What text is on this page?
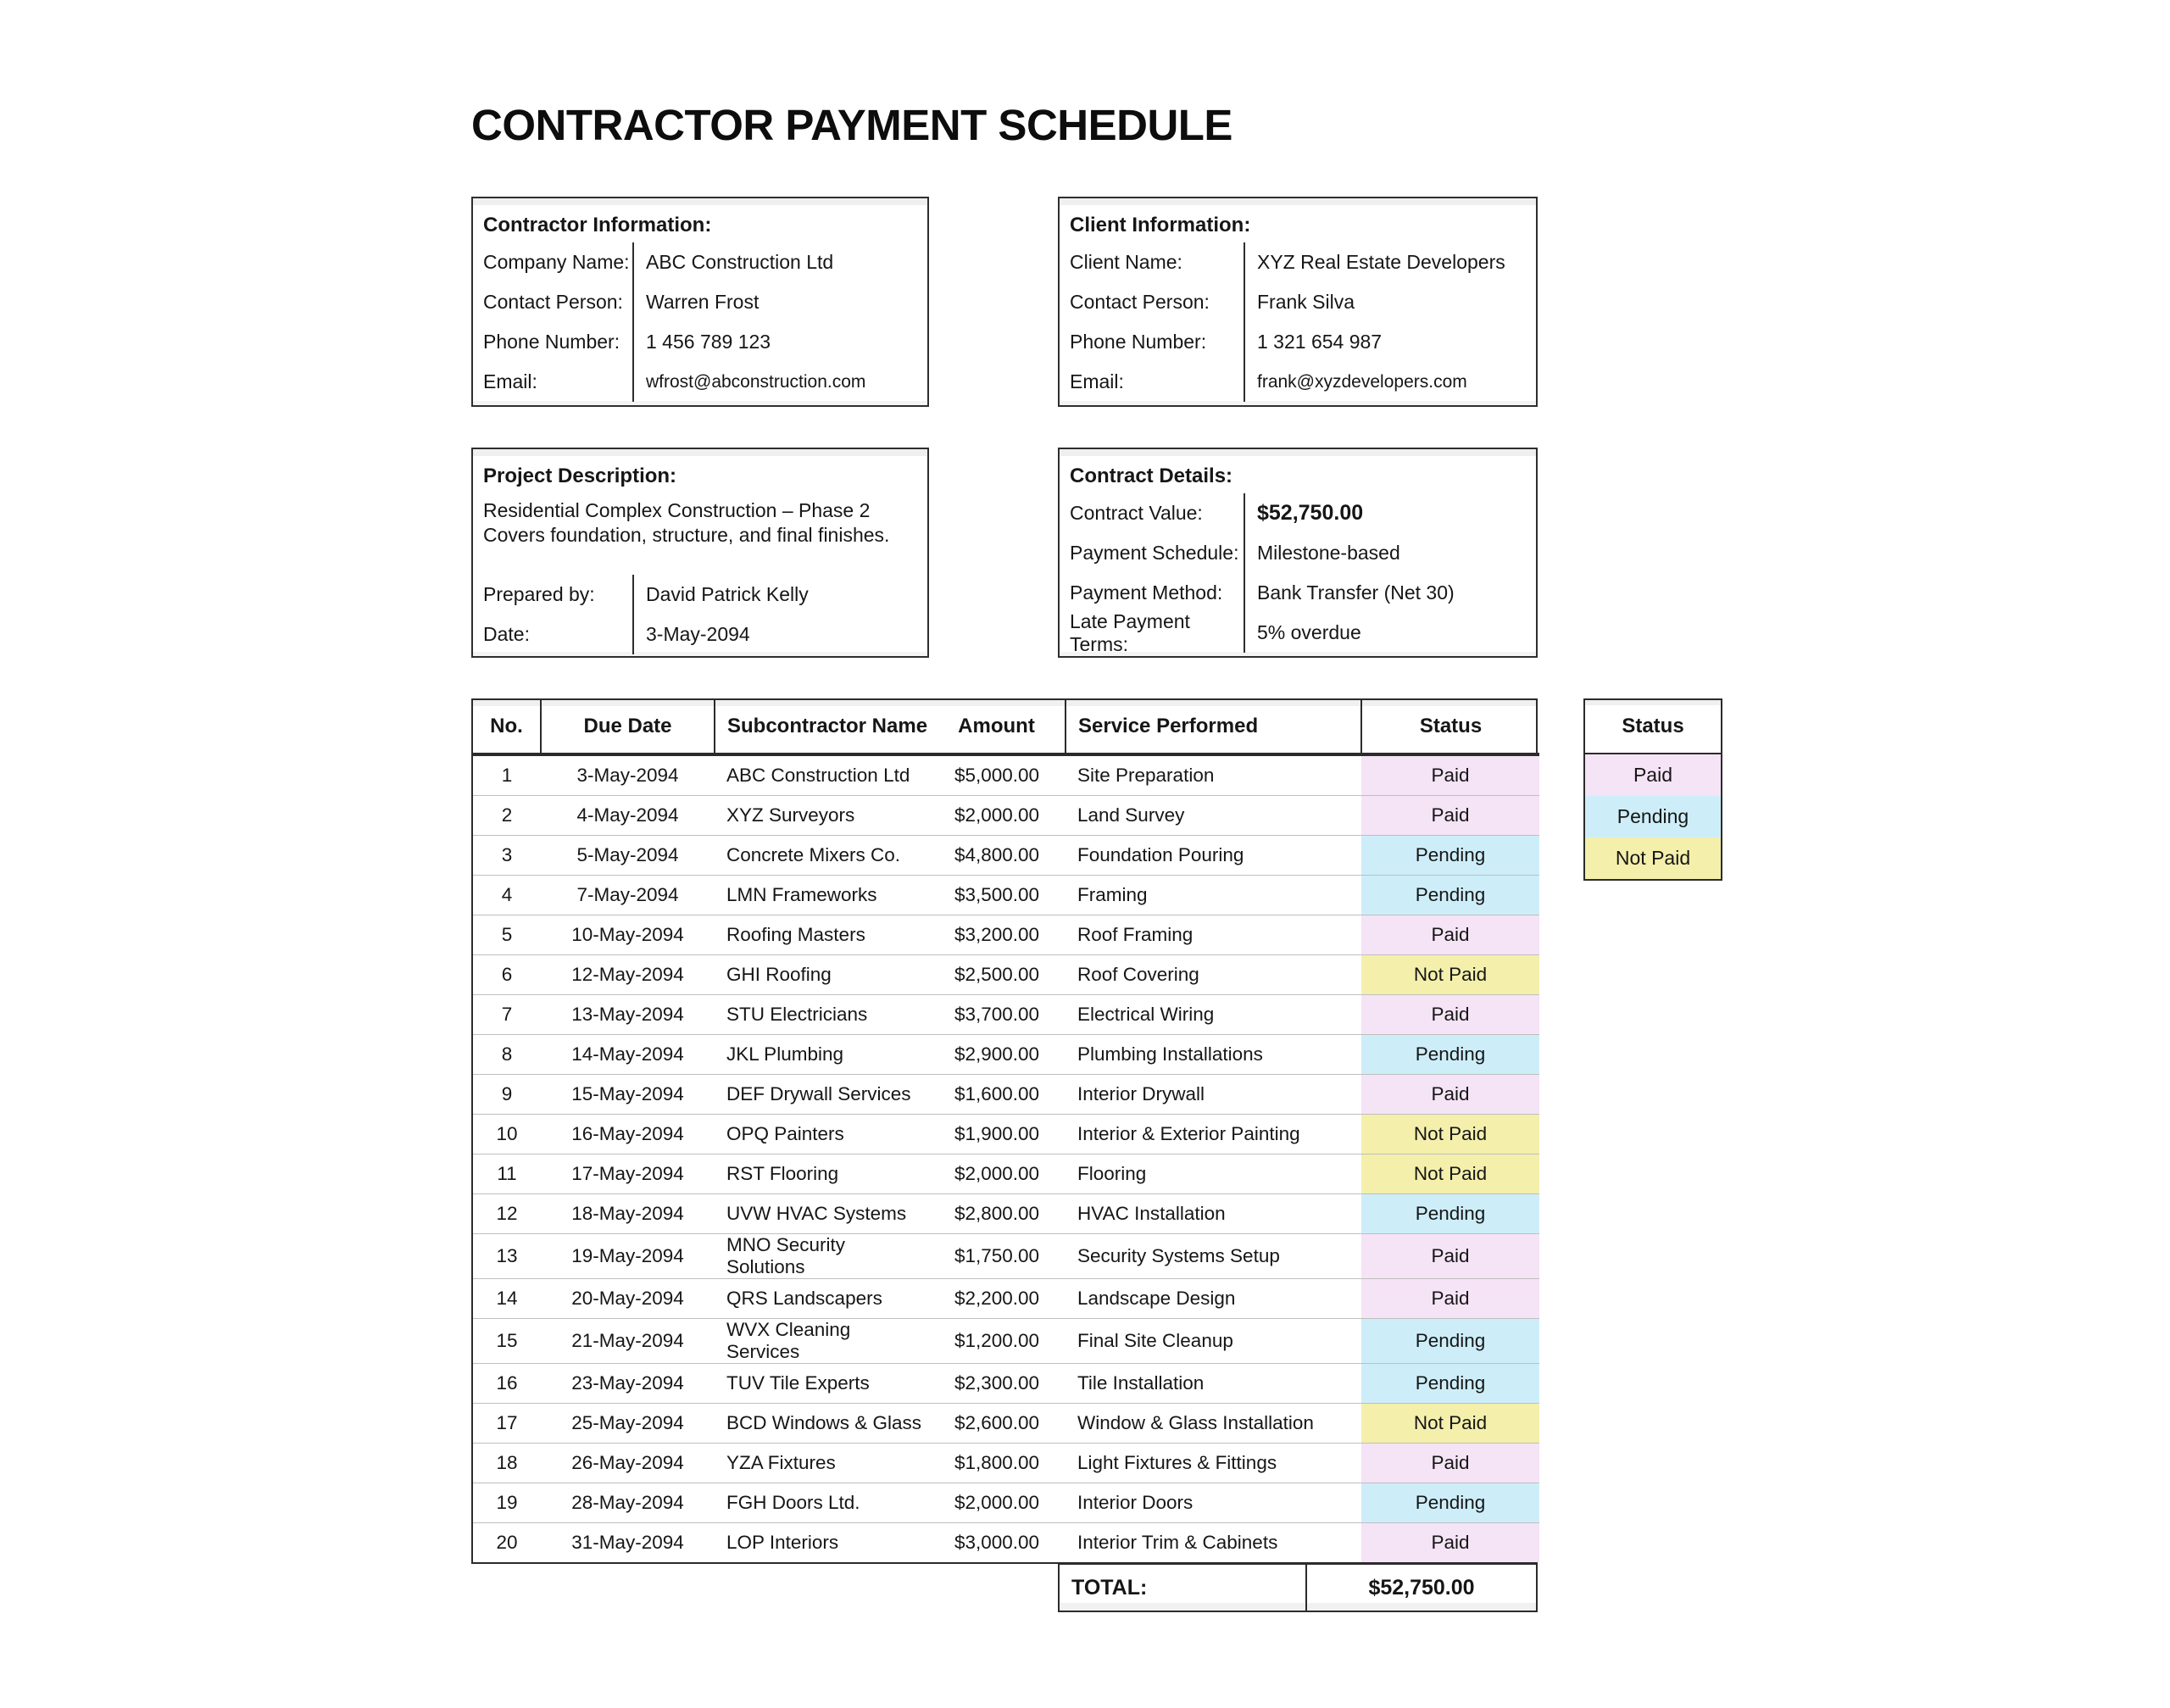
CONTRACTOR PAYMENT SCHEDULE
Contractor Information:
Company Name: ABC Construction Ltd
Contact Person:	Warren Frost
Phone Number:	1 456 789 123
Email:	wfrost@abconstruction.com
Client Information:
Client Name:	XYZ Real Estate Developers
Contact Person:	Frank Silva
Phone Number:	1 321 654 987
Email:	frank@xyzdevelopers.com
Project Description:
Residential Complex Construction – Phase 2
Covers foundation, structure, and final finishes.
Prepared by:	David Patrick Kelly
Date:	3-May-2094
Contract Details:
Contract Value:	$52,750.00
Payment Schedule: Milestone-based
Payment Method:	Bank Transfer (Net 30)
Late Payment Terms:
5% overdue
No.	Due Date	Subcontractor Name	Amount	Service Performed	Status
1	3-May-2094	ABC Construction Ltd	$5,000.00	Site Preparation	Paid
2	4-May-2094	XYZ Surveyors	$2,000.00	Land Survey	Paid
3	5-May-2094	Concrete Mixers Co.	$4,800.00	Foundation Pouring	Pending
4	7-May-2094	LMN Frameworks	$3,500.00	Framing	Pending
5	10-May-2094	Roofing Masters	$3,200.00	Roof Framing	Paid
6	12-May-2094	GHI Roofing	$2,500.00	Roof Covering	Not Paid
7	13-May-2094	STU Electricians	$3,700.00	Electrical Wiring	Paid
8	14-May-2094	JKL Plumbing	$2,900.00	Plumbing Installations	Pending
9	15-May-2094	DEF Drywall Services	$1,600.00	Interior Drywall	Paid
10	16-May-2094	OPQ Painters	$1,900.00	Interior & Exterior Painting	Not Paid
11	17-May-2094	RST Flooring	$2,000.00	Flooring	Not Paid
12	18-May-2094	UVW HVAC Systems	$2,800.00	HVAC Installation	Pending
13	19-May-2094	MNO Security Solutions	$1,750.00	Security Systems Setup	Paid
14	20-May-2094	QRS Landscapers	$2,200.00	Landscape Design	Paid
15	21-May-2094	WVX Cleaning Services	$1,200.00	Final Site Cleanup	Pending
16	23-May-2094	TUV Tile Experts	$2,300.00	Tile Installation	Pending
17	25-May-2094	BCD Windows & Glass	$2,600.00	Window & Glass Installation	Not Paid
18	26-May-2094	YZA Fixtures	$1,800.00	Light Fixtures & Fittings	Paid
19	28-May-2094	FGH Doors Ltd.	$2,000.00	Interior Doors	Pending
20	31-May-2094	LOP Interiors	$3,000.00	Interior Trim & Cabinets	Paid
Status
Paid
Pending
Not Paid
TOTAL:	$52,750.00
